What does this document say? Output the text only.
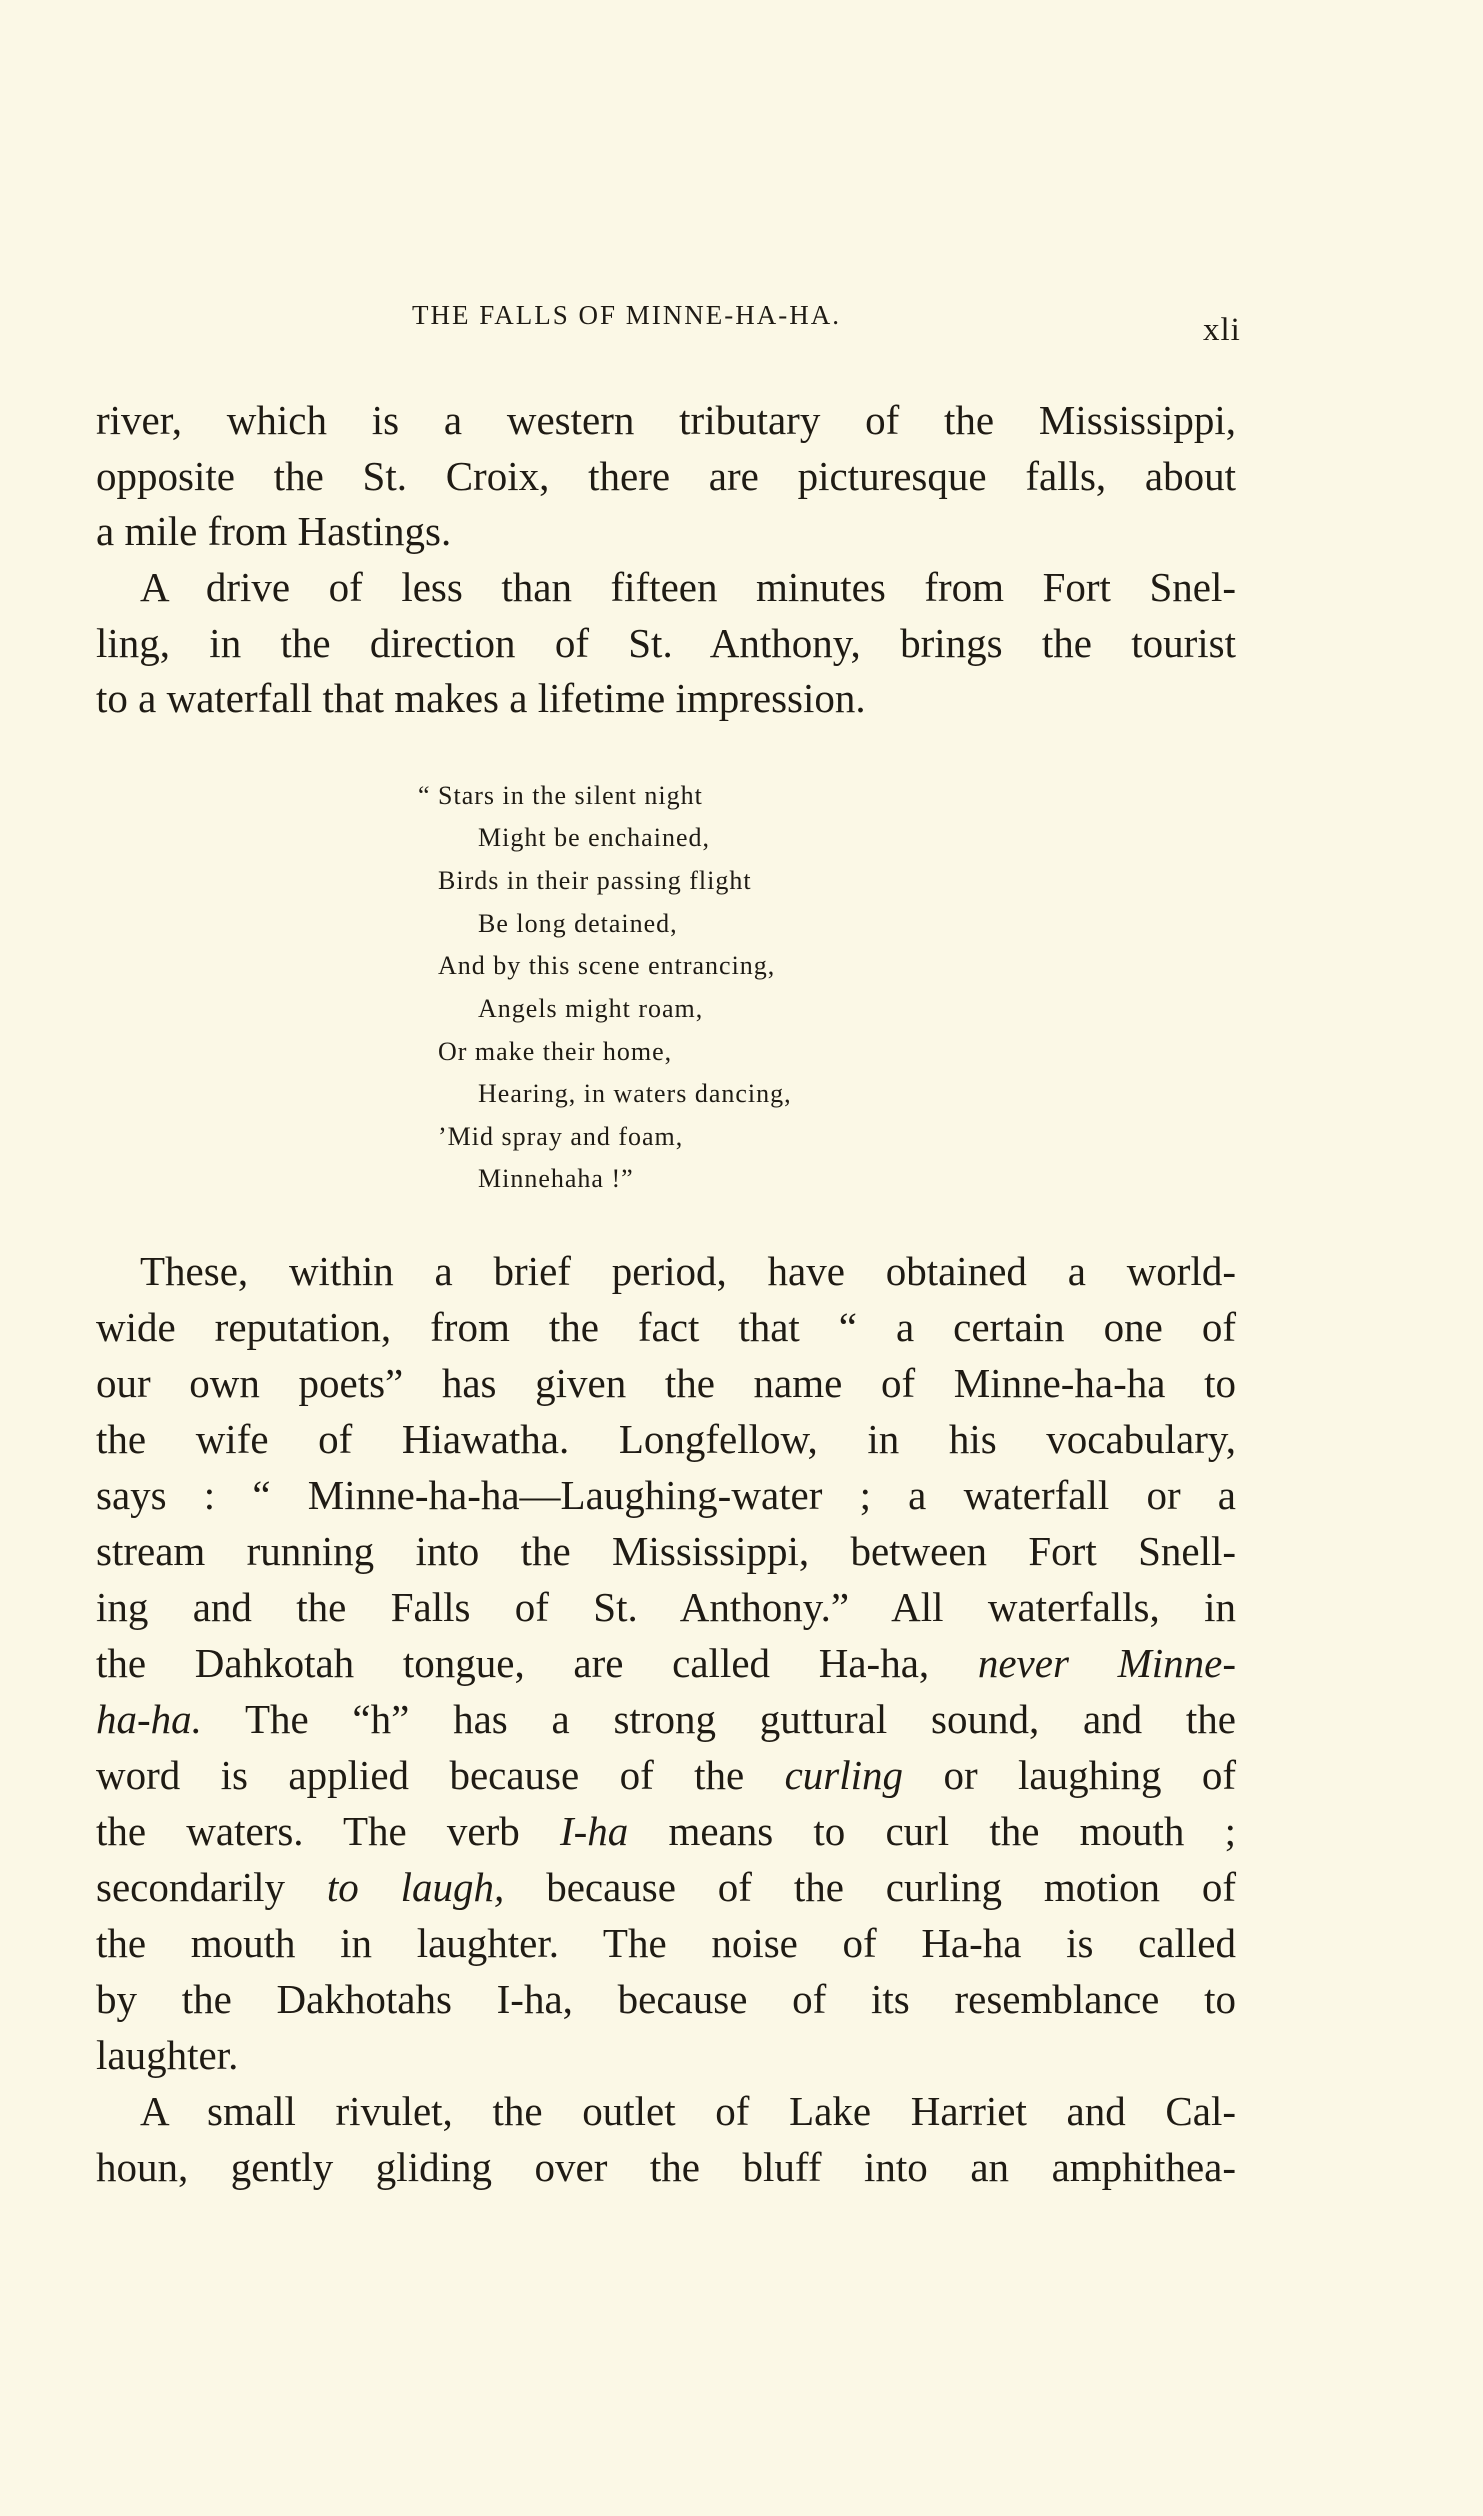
THE FALLS OF MINNE-HA-HA.	xli
river, which is a western tributary of the Mississippi,
opposite the St. Croix, there are picturesque falls, about
a mile from Hastings.
A drive of less than fifteen minutes from Fort Snel-
ling, in the direction of St. Anthony, brings the tourist
to a waterfall that makes a lifetime impression.
“ Stars in the silent night
Might be enchained,
Birds in their passing flight
Be long detained,
And by this scene entrancing,
Angels might roam,
Or make their home,
Hearing, in waters dancing,
’Mid spray and foam,
Minnehaha !”
These, within a brief period, have obtained a world-
wide reputation, from the fact that “ a certain one of
our own poets” has given the name of Minne-ha-ha to
the wife of Hiawatha. Longfellow, in his vocabulary,
says : “ Minne-ha-ha—Laughing-water ; a waterfall or a
stream running into the Mississippi, between Fort Snell-
ing and the Falls of St. Anthony.” All waterfalls, in
the Dahkotah tongue, are called Ha-ha, never Minne-
ha-ha. The “h” has a strong guttural sound, and the
word is applied because of the curling or laughing of
the waters. The verb I-ha means to curl the mouth ;
secondarily to laugh, because of the curling motion of
the mouth in laughter. The noise of Ha-ha is called
by the Dakhotahs I-ha, because of its resemblance to
laughter.
A small rivulet, the outlet of Lake Harriet and Cal-
houn, gently gliding over the bluff into an amphithea-
